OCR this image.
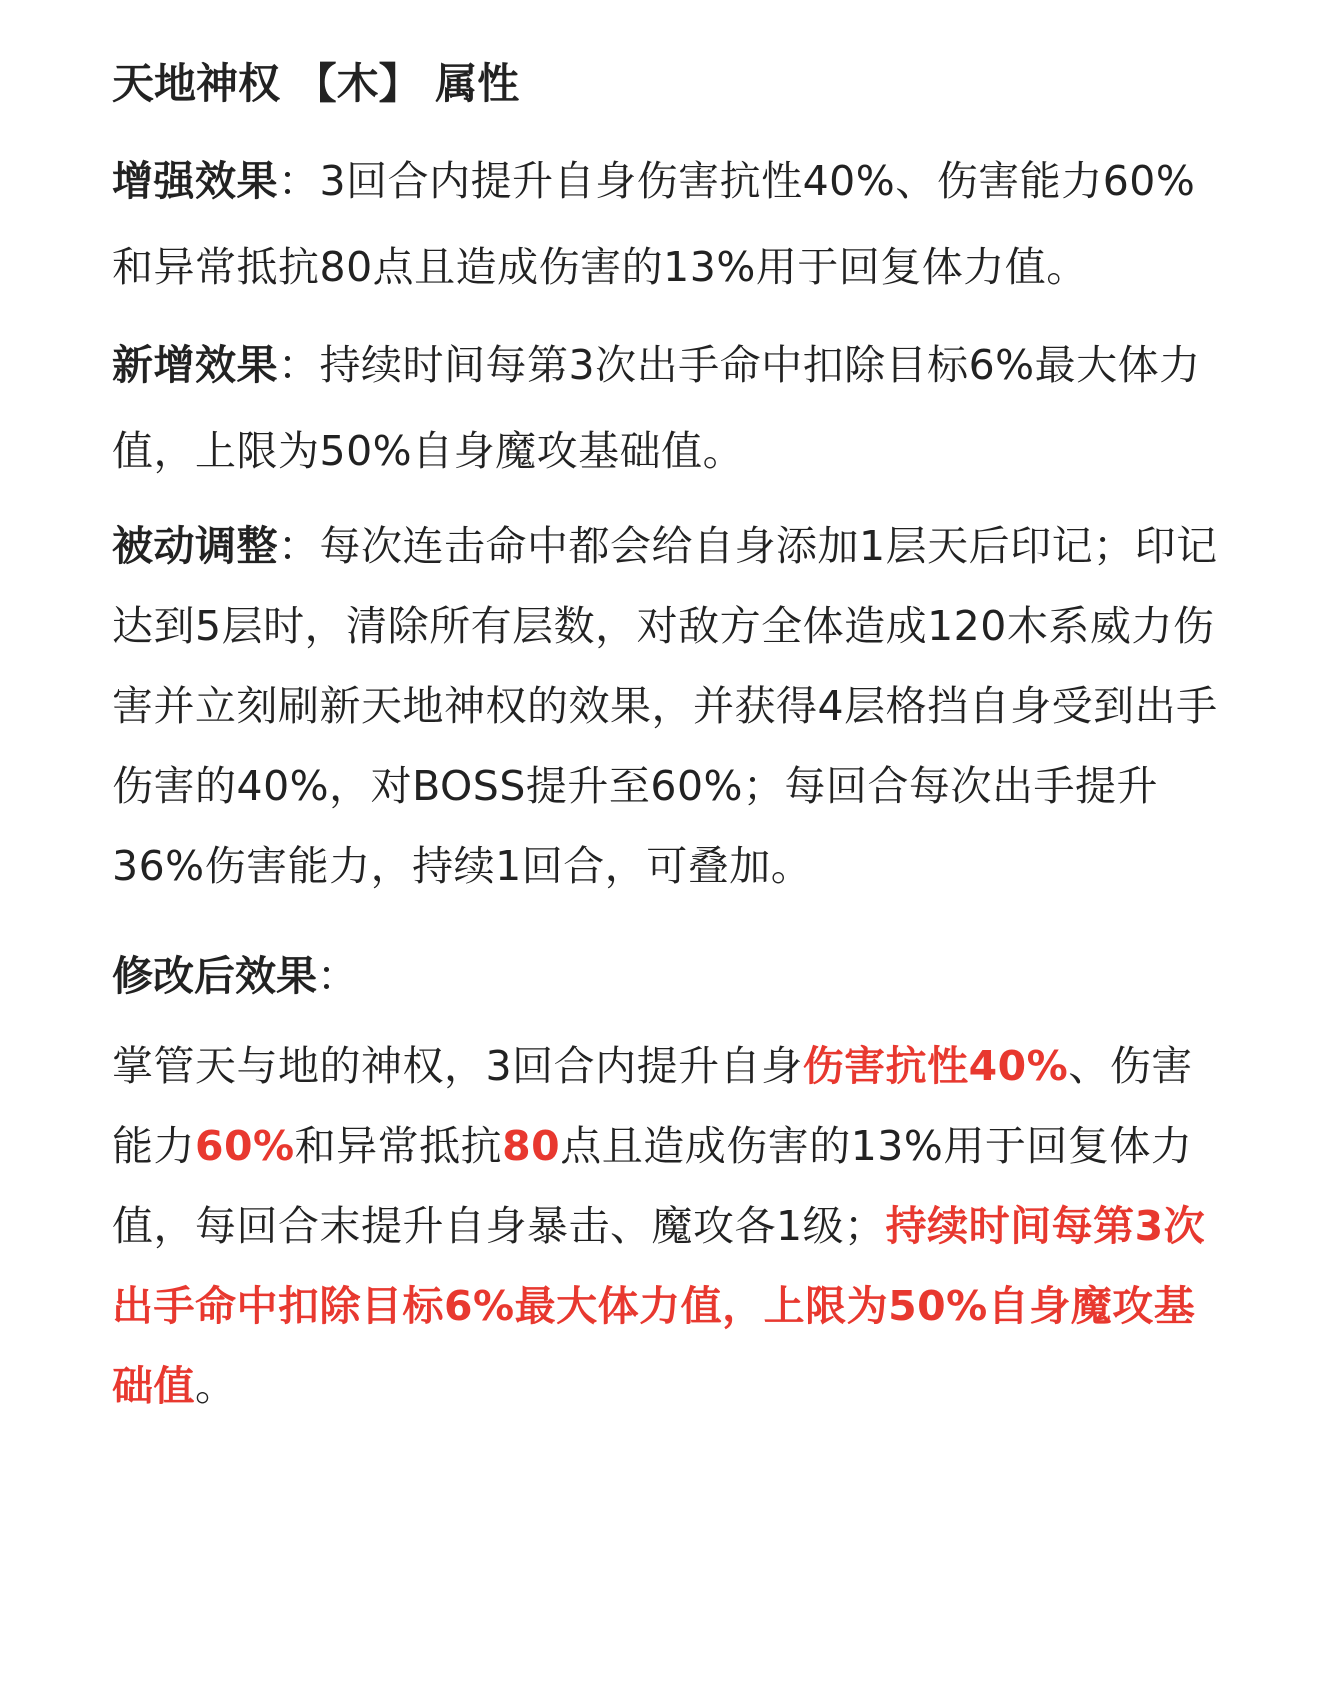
天地神权 【木】 属性

增强效果：3回合内提升自身伤害抗性40%、伤害能力60%和异常抵抗80点且造成伤害的13%用于回复体力值。

新增效果：持续时间每第3次出手命中扣除目标6%最大体力值，上限为50%自身魔攻基础值。

被动调整：每次连击命中都会给自身添加1层天后印记；印记达到5层时，清除所有层数，对敌方全体造成120木系威力伤害并立刻刷新天地神权的效果，并获得4层格挡自身受到出手伤害的40%，对BOSS提升至60%；每回合每次出手提升36%伤害能力，持续1回合，可叠加。

修改后效果：

掌管天与地的神权，3回合内提升自身伤害抗性40%、伤害能力60%和异常抵抗80点且造成伤害的13%用于回复体力值，每回合末提升自身暴击、魔攻各1级；持续时间每第3次出手命中扣除目标6%最大体力值，上限为50%自身魔攻基础值。
